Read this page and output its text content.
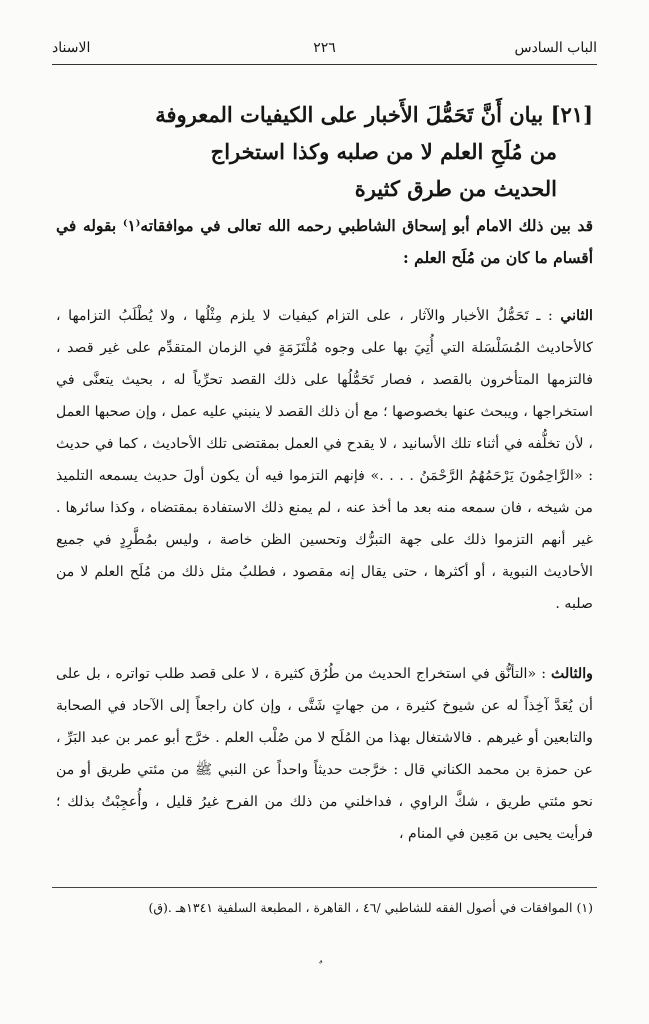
الباب السادس
٢٢٦
الاسناد
[٢١] بيان أَنَّ تَحَمُّلَ الأَخبار على الكيفيات المعروفة
من مُلَحِ العلم لا من صلبه وكذا استخراج
الحديث من طرق كثيرة
قد بين ذلك الامام أبو إسحاق الشاطبي رحمه الله تعالى في موافقاته⁽١⁾ بقوله في أقسام ما كان من مُلَح العلم :
الثاني : ـ تَحَمُّلُ الأخبار والآثار ، على التزام كيفيات لا يلزم مِثْلُها ، ولا يُطْلَبُ التزامها ، كالأحاديث المُسَلْسَلة التي أُتِيَ بها على وجوه مُلْتَزَمَةٍ في الزمان المتقدِّم على غير قصد ، فالتزمها المتأخرون بالقصد ، فصار تَحَمُّلُها على ذلك القصد تحرِّياً له ، بحيث يتعنَّى في استخراجها ، ويبحث عنها بخصوصها ؛ مع أن ذلك القصد لا ينبني عليه عمل ، وإن صحبها العمل ، لأن تخلُّفه في أثناء تلك الأسانيد ، لا يقدح في العمل بمقتضى تلك الأحاديث ، كما في حديث : «الرَّاحِمُونَ يَرْحَمُهُمُ الرَّحْمَنُ . . . .» فإنهم التزموا فيه أن يكون أولَ حديث يسمعه التلميذ من شيخه ، فان سمعه منه بعد ما أخذ عنه ، لم يمنع ذلك الاستفادة بمقتضاه ، وكذا سائرها . غير أنهم التزموا ذلك على جهة التبرُّك وتحسين الظن خاصة ، وليس بمُطَّرِدٍ في جميع الأحاديث النبوية ، أو أكثرها ، حتى يقال إنه مقصود ، فطلبُ مثل ذلك من مُلَح العلم لا من صلبه .
والثالث : «التأنُّق في استخراج الحديث من طُرُق كثيرة ، لا على قصد طلب تواتره ، بل على أن يُعَدَّ آخِذاً له عن شيوخ كثيرة ، من جهاتٍ شَتَّى ، وإن كان راجعاً إلى الآحاد في الصحابة والتابعين أو غيرهم . فالاشتغال بهذا من المُلَح لا من صُلْب العلم . خرَّج أبو عمر بن عبد البَرِّ ، عن حمزة بن محمد الكناني قال : خرَّجت حديثاً واحداً عن النبي ﷺ من مئتي طريق أو من نحو مئتي طريق ، شكَّ الراوي ، فداخلني من ذلك من الفرح غيرُ قليل ، وأُعجِبْتُ بذلك ؛ فرأيت يحيى بن مَعِين في المنام ،
(١) الموافقات في أصول الفقه للشاطبي /٤٦ ، القاهرة ، المطبعة السلفية ١٣٤١هـ .(ق)
